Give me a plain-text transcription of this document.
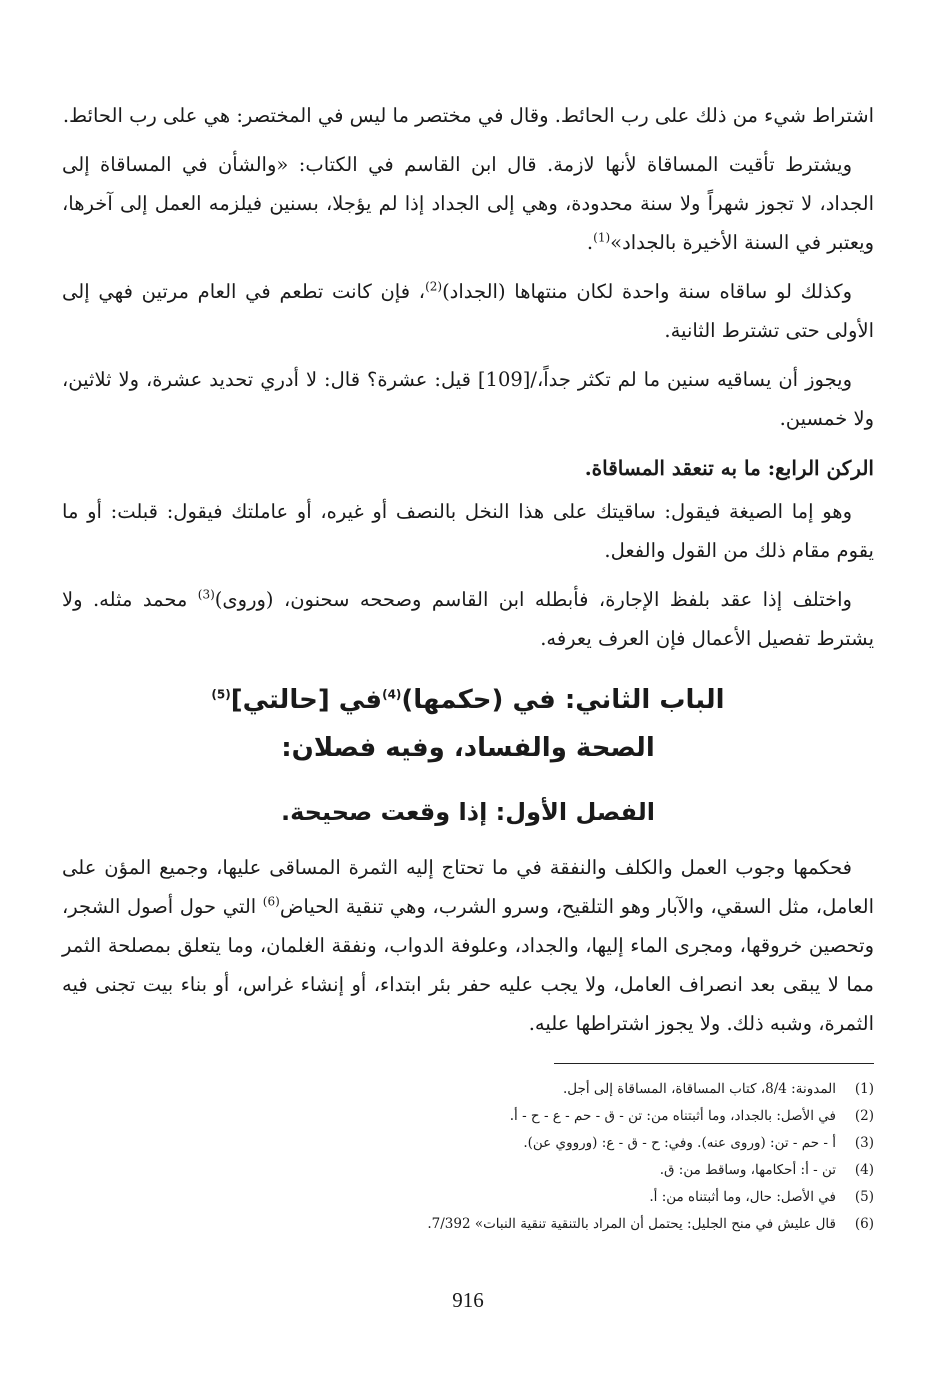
اشتراط شيء من ذلك على رب الحائط. وقال في مختصر ما ليس في المختصر: هي على رب الحائط.

ويشترط تأقيت المساقاة لأنها لازمة. قال ابن القاسم في الكتاب: «والشأن في المساقاة إلى الجداد، لا تجوز شهراً ولا سنة محدودة، وهي إلى الجداد إذا لم يؤجلا، بسنين فيلزمه العمل إلى آخرها، ويعتبر في السنة الأخيرة بالجداد»$^{(1)}$.

وكذلك لو ساقاه سنة واحدة لكان منتهاها (الجداد)$^{(2)}$، فإن كانت تطعم في العام مرتين فهي إلى الأولى حتى تشترط الثانية.

ويجوز أن يساقيه سنين ما لم تكثر جداً،/[109] قيل: عشرة؟ قال: لا أدري تحديد عشرة، ولا ثلاثين، ولا خمسين.

الركن الرابع: ما به تنعقد المساقاة.

وهو إما الصيغة فيقول: ساقيتك على هذا النخل بالنصف أو غيره، أو عاملتك فيقول: قبلت: أو ما يقوم مقام ذلك من القول والفعل.

واختلف إذا عقد بلفظ الإجارة، فأبطله ابن القاسم وصححه سحنون، (وروى)$^{(3)}$ محمد مثله. ولا يشترط تفصيل الأعمال فإن العرف يعرفه.

الباب الثاني: في (حكمها)$^{(4)}$في [حالتي]$^{(5)}$
الصحة والفساد، وفيه فصلان:
الفصل الأول: إذا وقعت صحيحة.

فحكمها وجوب العمل والكلف والنفقة في ما تحتاج إليه الثمرة المساقى عليها، وجميع المؤن على العامل، مثل السقي، والآبار وهو التلقيح، وسرو الشرب، وهي تنقية الحياض$^{(6)}$ التي حول أصول الشجر، وتحصين خروقها، ومجرى الماء إليها، والجداد، وعلوفة الدواب، ونفقة الغلمان، وما يتعلق بمصلحة الثمر مما لا يبقى بعد انصراف العامل، ولا يجب عليه حفر بئر ابتداء، أو إنشاء غراس، أو بناء بيت تجنى فيه الثمرة، وشبه ذلك. ولا يجوز اشتراطها عليه.

(1)
المدونة: 8/4، كتاب المساقاة، المساقاة إلى أجل.
(2)
في الأصل: بالجداد، وما أثبتناه من: تن - ق - حم - ع - ح - أ.
(3)
أ - حم - تن: (وروى عنه). وفي: ح - ق - ع: (ورووي عن).
(4)
تن - أ: أحكامها، وساقط من: ق.
(5)
في الأصل: حال، وما أثبتناه من: أ.
(6)
قال عليش في منح الجليل: يحتمل أن المراد بالتنقية تنقية النبات» 7/392.
916
